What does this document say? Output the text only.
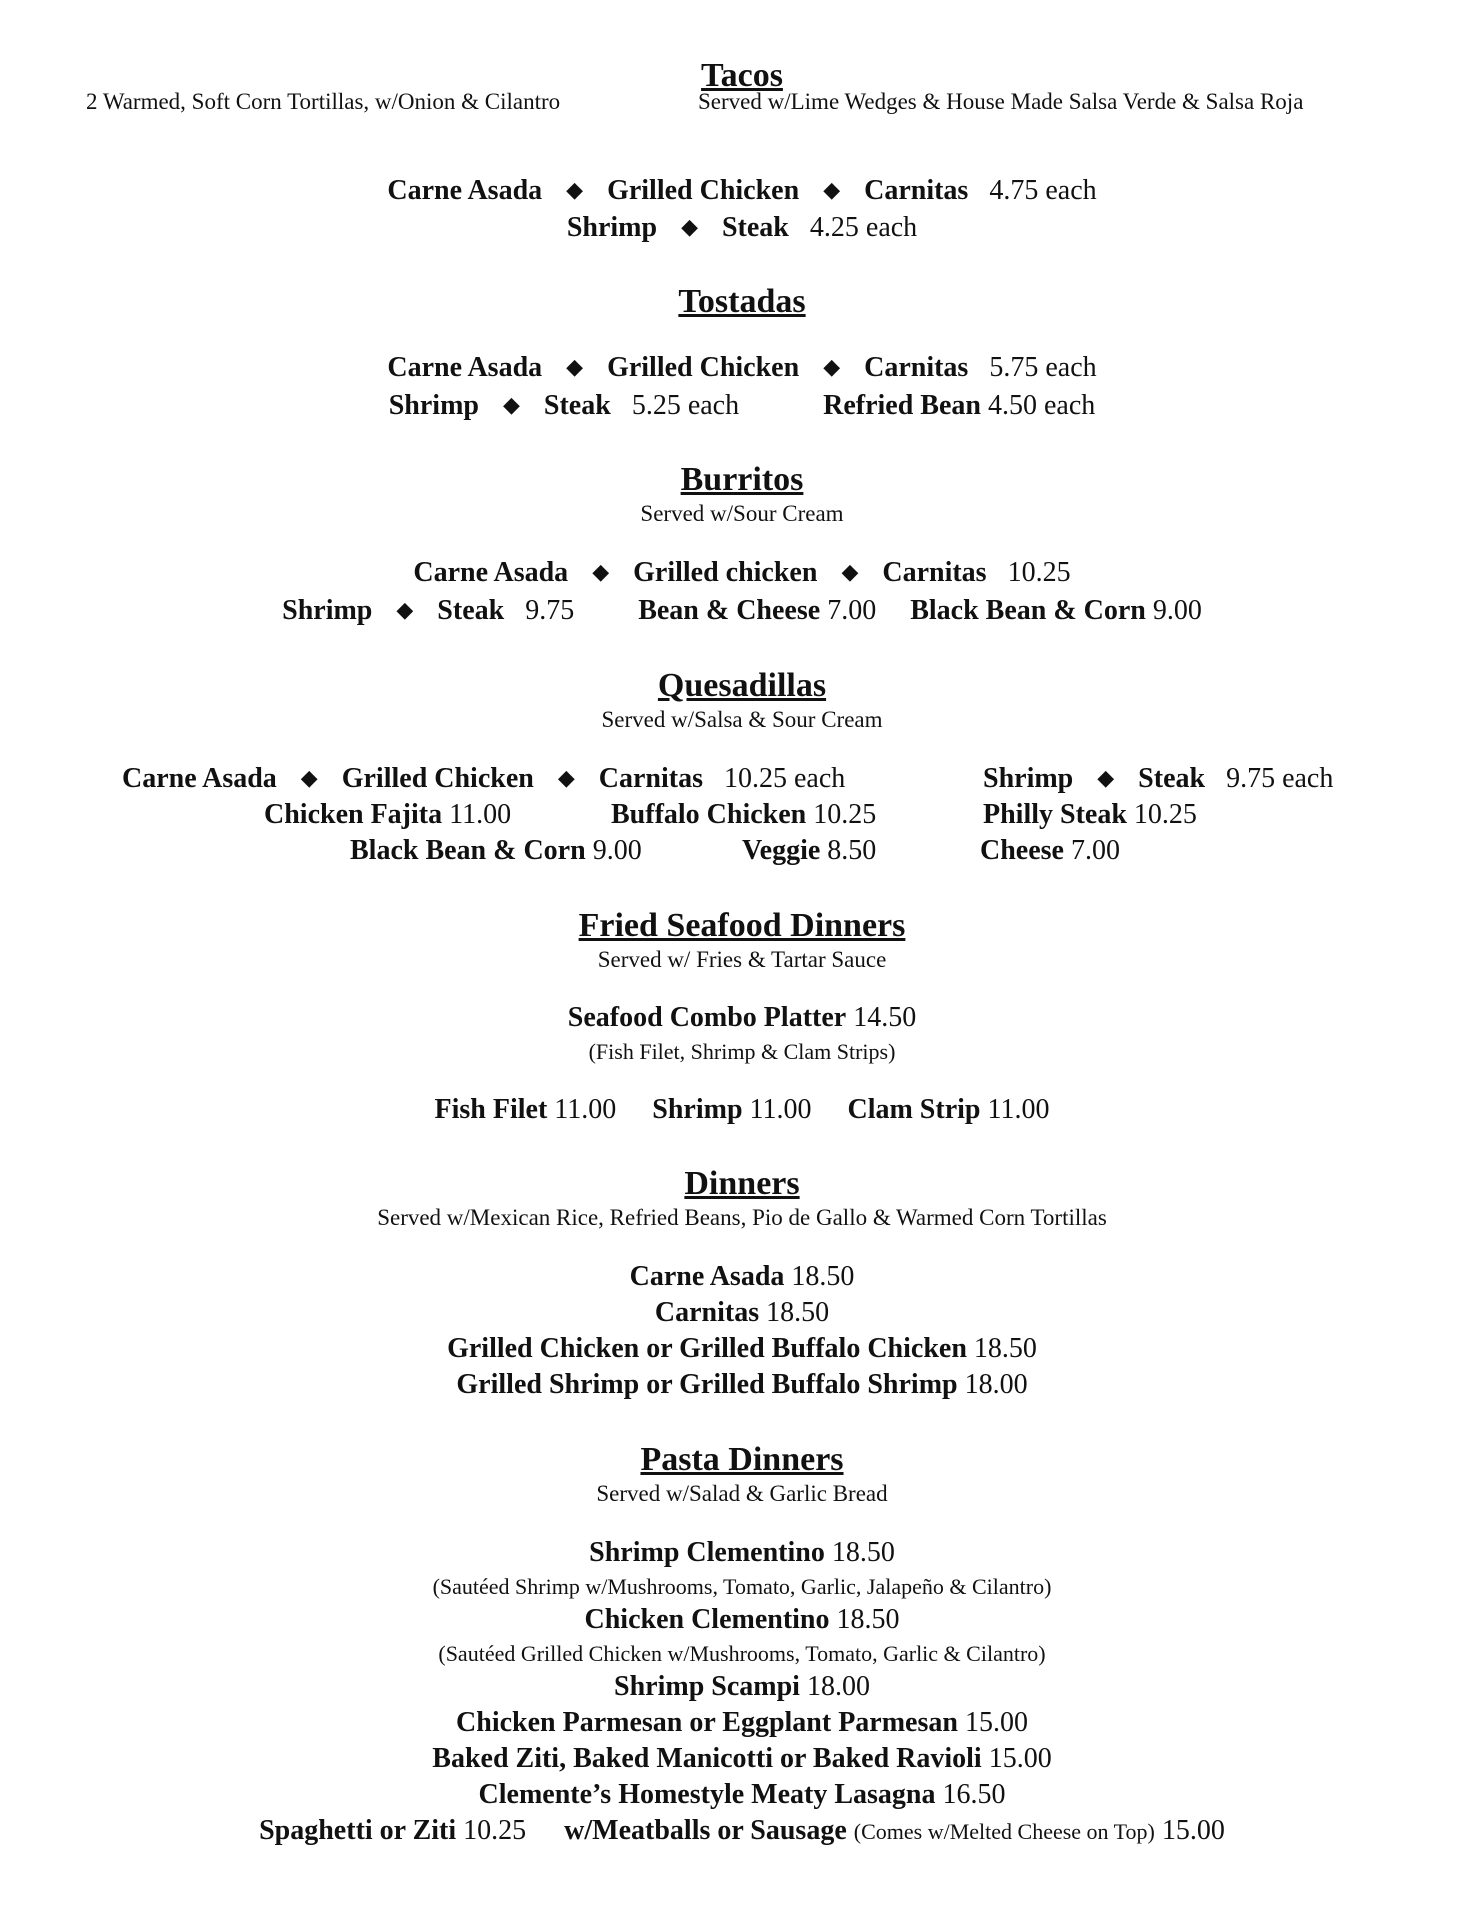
Tacos
2 Warmed, Soft Corn Tortillas, w/Onion & Cilantro	Served w/Lime Wedges & House Made Salsa Verde & Salsa Roja
Carne Asada ◆ Grilled Chicken ◆ Carnitas 4.75 each
Shrimp ◆ Steak 4.25 each
Tostadas
Carne Asada ◆ Grilled Chicken ◆ Carnitas 5.75 each
Shrimp ◆ Steak 5.25 each	Refried Bean 4.50 each
Burritos
Served w/Sour Cream
Carne Asada ◆ Grilled chicken ◆ Carnitas 10.25
Shrimp ◆ Steak 9.75 Bean & Cheese 7.00 Black Bean & Corn 9.00
Quesadillas
Served w/Salsa & Sour Cream
Carne Asada ◆ Grilled Chicken ◆ Carnitas 10.25 each	Shrimp ◆ Steak 9.75 each
Chicken Fajita 11.00	Buffalo Chicken 10.25	Philly Steak 10.25
Black Bean & Corn 9.00	Veggie 8.50	Cheese 7.00
Fried Seafood Dinners
Served w/ Fries & Tartar Sauce
Seafood Combo Platter 14.50
(Fish Filet, Shrimp & Clam Strips)
Fish Filet 11.00 Shrimp 11.00 Clam Strip 11.00
Dinners
Served w/Mexican Rice, Refried Beans, Pio de Gallo & Warmed Corn Tortillas
Carne Asada 18.50
Carnitas 18.50
Grilled Chicken or Grilled Buffalo Chicken 18.50
Grilled Shrimp or Grilled Buffalo Shrimp 18.00
Pasta Dinners
Served w/Salad & Garlic Bread
Shrimp Clementino 18.50
(Sautéed Shrimp w/Mushrooms, Tomato, Garlic, Jalapeño & Cilantro)
Chicken Clementino 18.50
(Sautéed Grilled Chicken w/Mushrooms, Tomato, Garlic & Cilantro)
Shrimp Scampi 18.00
Chicken Parmesan or Eggplant Parmesan 15.00
Baked Ziti, Baked Manicotti or Baked Ravioli 15.00
Clemente’s Homestyle Meaty Lasagna 16.50
Spaghetti or Ziti 10.25 w/Meatballs or Sausage (Comes w/Melted Cheese on Top) 15.00
